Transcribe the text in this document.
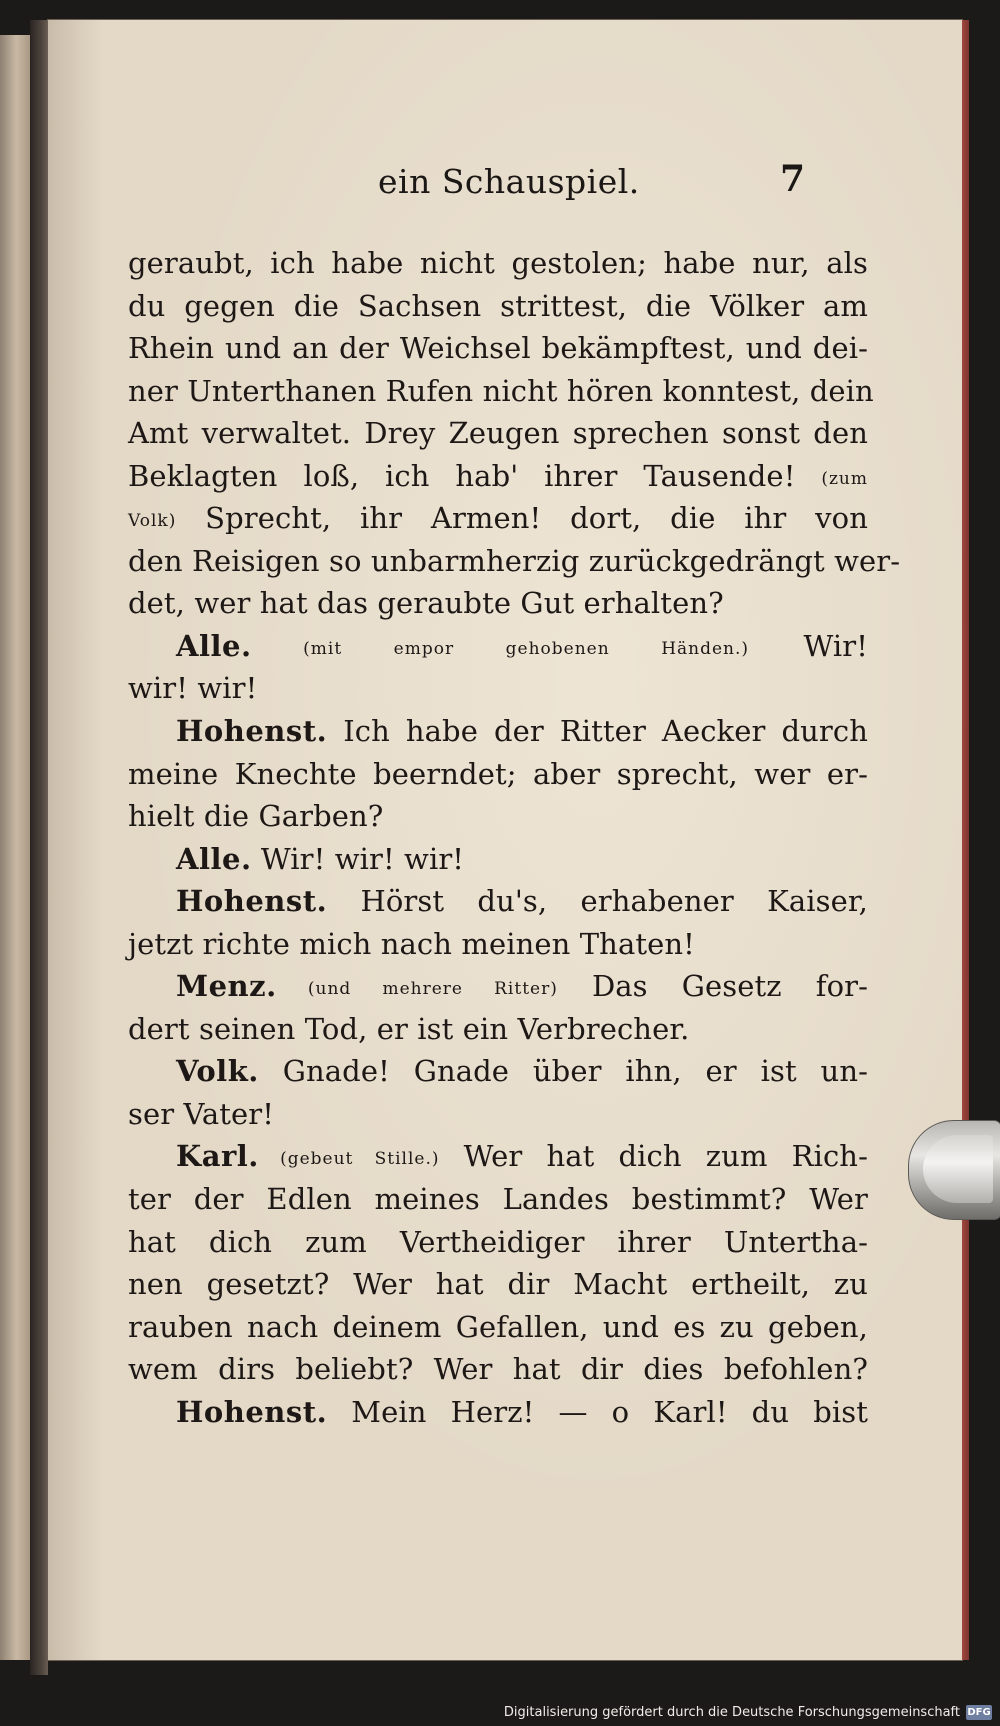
ein Schauspiel.	7
geraubt, ich habe nicht gestolen; habe nur, als
du gegen die Sachsen strittest, die Völker am
Rhein und an der Weichsel bekämpftest, und dei-
ner Unterthanen Rufen nicht hören konntest, dein
Amt verwaltet. Drey Zeugen sprechen sonst den
Beklagten loß, ich hab' ihrer Tausende! (zum
Volk) Sprecht, ihr Armen! dort, die ihr von
den Reisigen so unbarmherzig zurückgedrängt wer-
det, wer hat das geraubte Gut erhalten?
Alle. (mit empor gehobenen Händen.) Wir!
wir! wir!
Hohenst. Ich habe der Ritter Aecker durch
meine Knechte beerndet; aber sprecht, wer er-
hielt die Garben?
Alle. Wir! wir! wir!
Hohenst. Hörst du's, erhabener Kaiser,
jetzt richte mich nach meinen Thaten!
Menz. (und mehrere Ritter) Das Gesetz for-
dert seinen Tod, er ist ein Verbrecher.
Volk. Gnade! Gnade über ihn, er ist un-
ser Vater!
Karl. (gebeut Stille.) Wer hat dich zum Rich-
ter der Edlen meines Landes bestimmt? Wer
hat dich zum Vertheidiger ihrer Untertha-
nen gesetzt? Wer hat dir Macht ertheilt, zu
rauben nach deinem Gefallen, und es zu geben,
wem dirs beliebt? Wer hat dir dies befohlen?
Hohenst. Mein Herz! — o Karl! du bist
Digitalisierung gefördert durch die Deutsche Forschungsgemeinschaft DFG
